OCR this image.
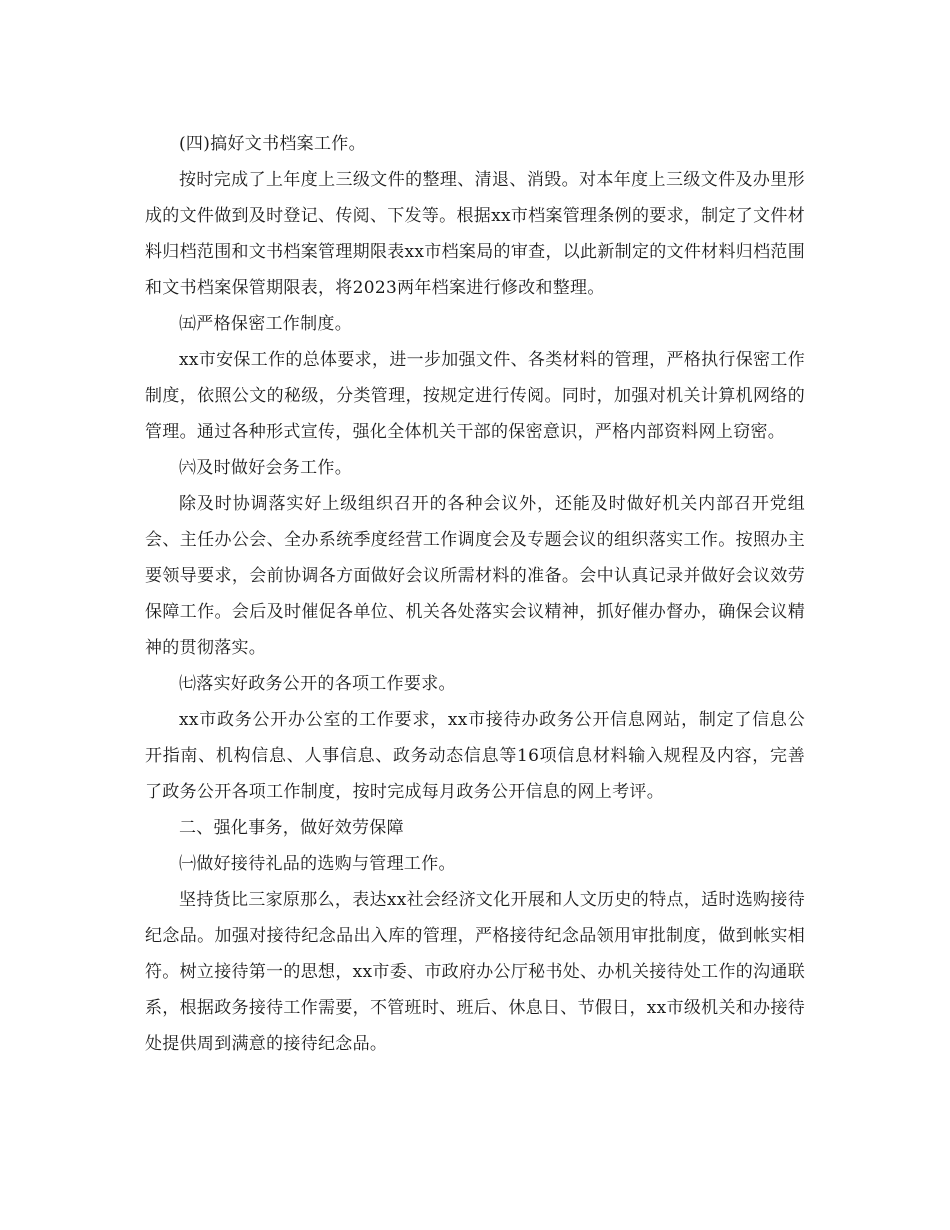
(四)搞好文书档案工作。

按时完成了上年度上三级文件的整理、清退、消毁。对本年度上三级文件及办里形成的文件做到及时登记、传阅、下发等。根据xx市档案管理条例的要求，制定了文件材料归档范围和文书档案管理期限表xx市档案局的审查，以此新制定的文件材料归档范围和文书档案保管期限表，将2023两年档案进行修改和整理。

㈤严格保密工作制度。

xx市安保工作的总体要求，进一步加强文件、各类材料的管理，严格执行保密工作制度，依照公文的秘级，分类管理，按规定进行传阅。同时，加强对机关计算机网络的管理。通过各种形式宣传，强化全体机关干部的保密意识，严格内部资料网上窃密。

㈥及时做好会务工作。

除及时协调落实好上级组织召开的各种会议外，还能及时做好机关内部召开党组会、主任办公会、全办系统季度经营工作调度会及专题会议的组织落实工作。按照办主要领导要求，会前协调各方面做好会议所需材料的准备。会中认真记录并做好会议效劳保障工作。会后及时催促各单位、机关各处落实会议精神，抓好催办督办，确保会议精神的贯彻落实。

㈦落实好政务公开的各项工作要求。

xx市政务公开办公室的工作要求，xx市接待办政务公开信息网站，制定了信息公开指南、机构信息、人事信息、政务动态信息等16项信息材料输入规程及内容，完善了政务公开各项工作制度，按时完成每月政务公开信息的网上考评。

二、强化事务，做好效劳保障

㈠做好接待礼品的选购与管理工作。

坚持货比三家原那么，表达xx社会经济文化开展和人文历史的特点，适时选购接待纪念品。加强对接待纪念品出入库的管理，严格接待纪念品领用审批制度，做到帐实相符。树立接待第一的思想，xx市委、市政府办公厅秘书处、办机关接待处工作的沟通联系，根据政务接待工作需要，不管班时、班后、休息日、节假日，xx市级机关和办接待处提供周到满意的接待纪念品。
